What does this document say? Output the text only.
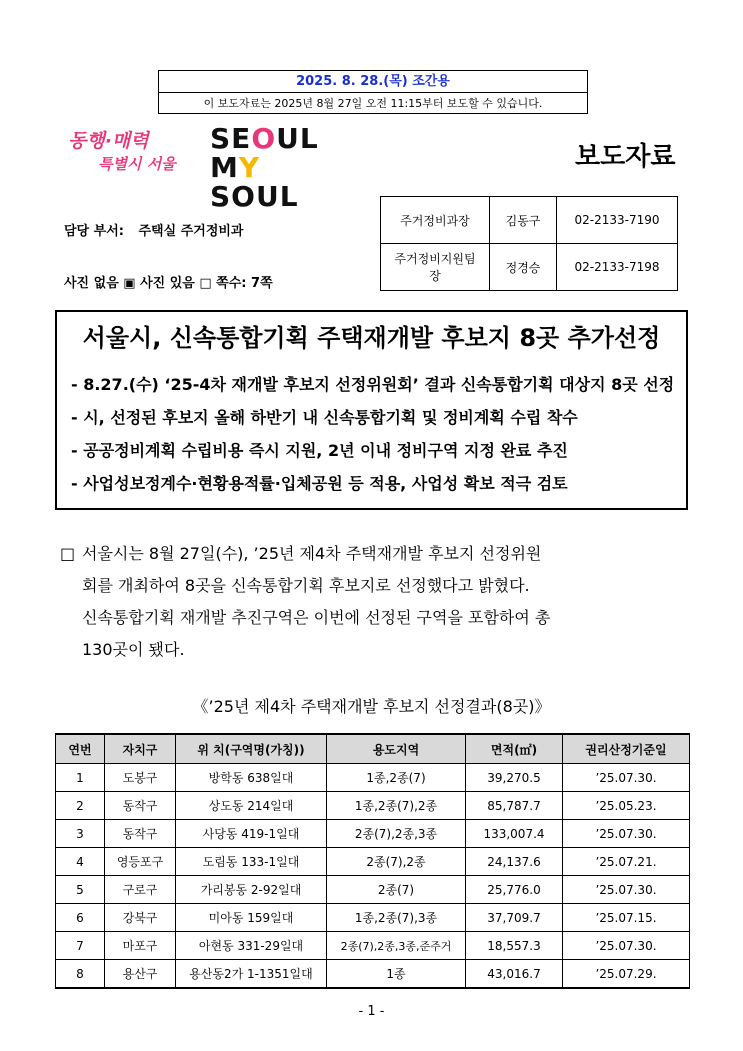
2025. 8. 28.(목) 조간용
이 보도자료는 2025년 8월 27일 오전 11:15부터 보도할 수 있습니다.
동행·매력
특별시 서울
SEOUL
MY SOUL
보도자료
담당 부서: 주택실 주거정비과
사진 없음 ▣ 사진 있음 □ 쪽수: 7쪽
주거정비과장	김동구	02-2133-7190
주거정비지원팀장	정경승	02-2133-7198
서울시, 신속통합기획 주택재개발 후보지 8곳 추가선정
- 8.27.(수) ‘25-4차 재개발 후보지 선정위원회’ 결과 신속통합기획 대상지 8곳 선정
- 시, 선정된 후보지 올해 하반기 내 신속통합기획 및 정비계획 수립 착수
- 공공정비계획 수립비용 즉시 지원, 2년 이내 정비구역 지정 완료 추진
- 사업성보정계수·현황용적률·입체공원 등 적용, 사업성 확보 적극 검토
□ 서울시는 8월 27일(수), ’25년 제4차 주택재개발 후보지 선정위원
회를 개최하여 8곳을 신속통합기획 후보지로 선정했다고 밝혔다.
신속통합기획 재개발 추진구역은 이번에 선정된 구역을 포함하여 총
130곳이 됐다.
《’25년 제4차 주택재개발 후보지 선정결과(8곳)》
연번	자치구	위 치(구역명(가칭))	용도지역	면적(㎡)	권리산정기준일
1	도봉구	방학동 638일대	1종,2종(7)	39,270.5	’25.07.30.
2	동작구	상도동 214일대	1종,2종(7),2종	85,787.7	’25.05.23.
3	동작구	사당동 419-1일대	2종(7),2종,3종	133,007.4	’25.07.30.
4	영등포구	도림동 133-1일대	2종(7),2종	24,137.6	’25.07.21.
5	구로구	가리봉동 2-92일대	2종(7)	25,776.0	’25.07.30.
6	강북구	미아동 159일대	1종,2종(7),3종	37,709.7	’25.07.15.
7	마포구	아현동 331-29일대	2종(7),2종,3종,준주거	18,557.3	’25.07.30.
8	용산구	용산동2가 1-1351일대	1종	43,016.7	’25.07.29.
- 1 -
